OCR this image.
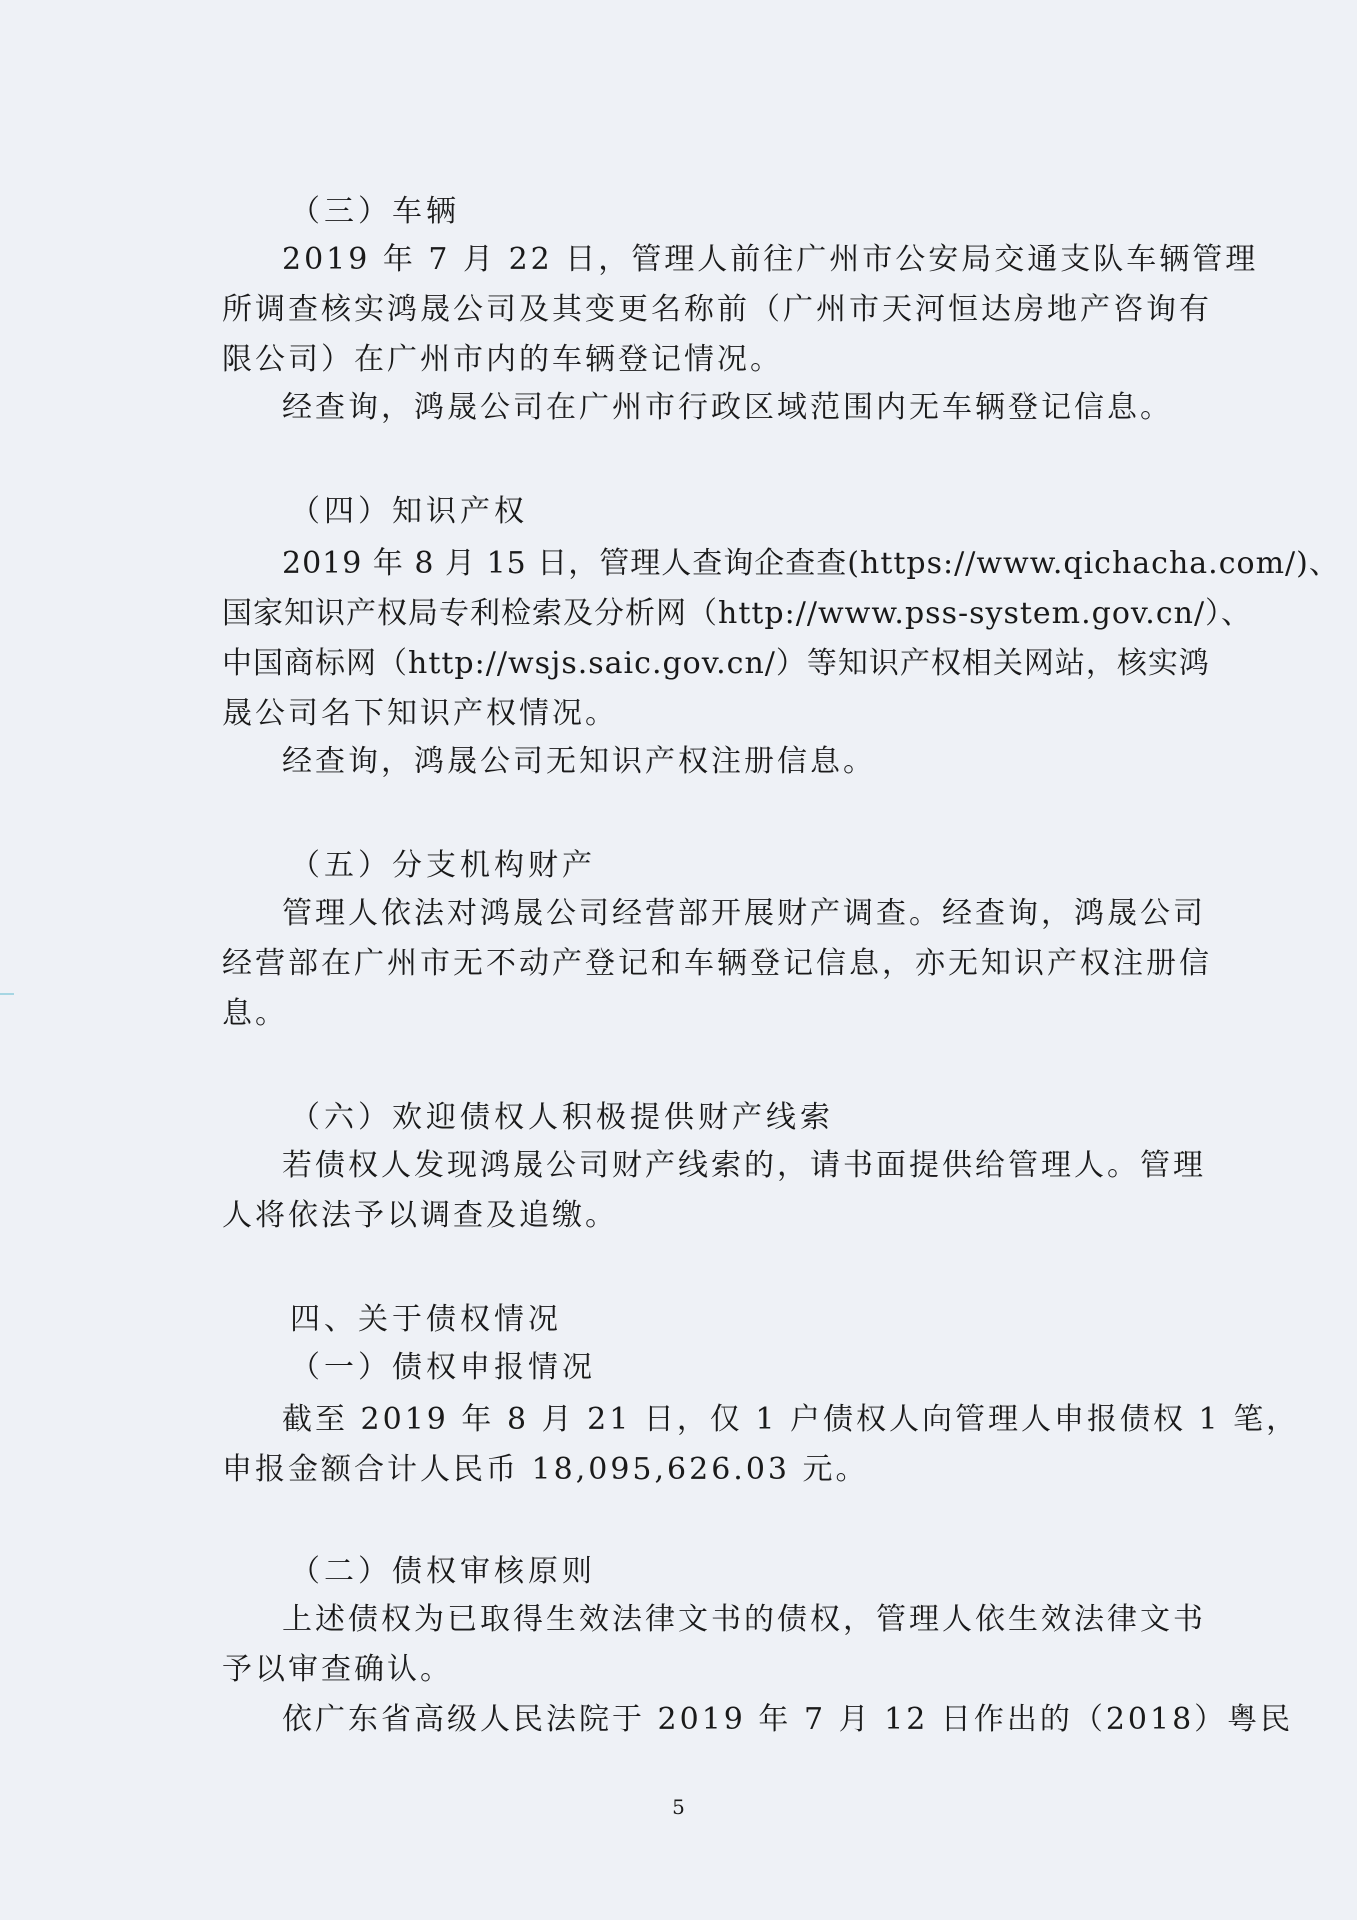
（三）车辆
2019 年 7 月 22 日，管理人前往广州市公安局交通支队车辆管理
所调查核实鸿晟公司及其变更名称前（广州市天河恒达房地产咨询有
限公司）在广州市内的车辆登记情况。
经查询，鸿晟公司在广州市行政区域范围内无车辆登记信息。
（四）知识产权
2019 年 8 月 15 日，管理人查询企查查(https://www.qichacha.com/)、
国家知识产权局专利检索及分析网（http://www.pss-system.gov.cn/）、
中国商标网（http://wsjs.saic.gov.cn/）等知识产权相关网站，核实鸿
晟公司名下知识产权情况。
经查询，鸿晟公司无知识产权注册信息。
（五）分支机构财产
管理人依法对鸿晟公司经营部开展财产调查。经查询，鸿晟公司
经营部在广州市无不动产登记和车辆登记信息，亦无知识产权注册信
息。
（六）欢迎债权人积极提供财产线索
若债权人发现鸿晟公司财产线索的，请书面提供给管理人。管理
人将依法予以调查及追缴。
四、关于债权情况
（一）债权申报情况
截至 2019 年 8 月 21 日，仅 1 户债权人向管理人申报债权 1 笔，
申报金额合计人民币 18,095,626.03 元。
（二）债权审核原则
上述债权为已取得生效法律文书的债权，管理人依生效法律文书
予以审查确认。
依广东省高级人民法院于 2019 年 7 月 12 日作出的（2018）粤民
5
